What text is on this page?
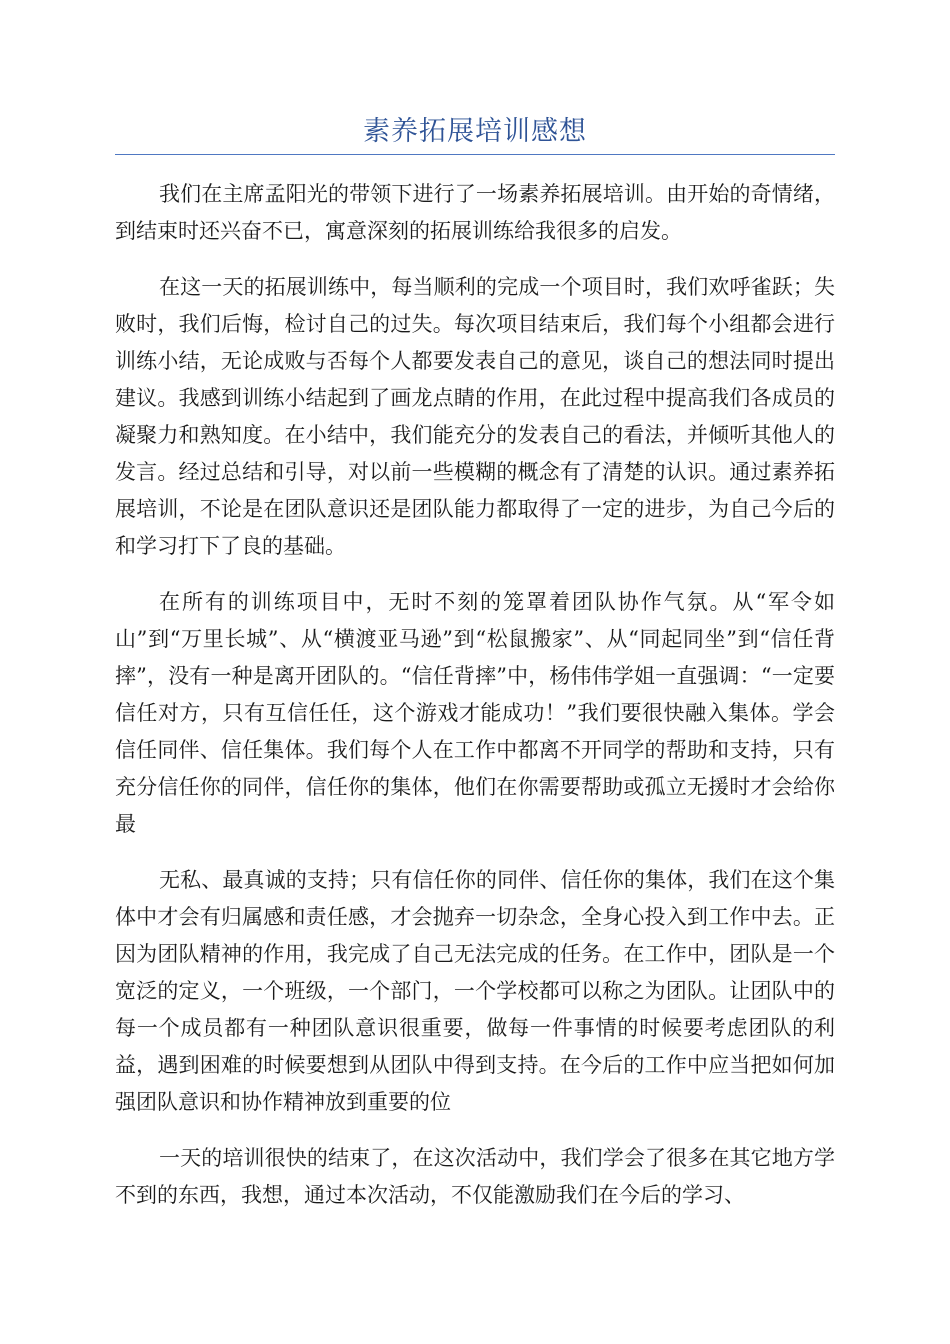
素养拓展培训感想

我们在主席孟阳光的带领下进行了一场素养拓展培训。由开始的奇情绪，到结束时还兴奋不已，寓意深刻的拓展训练给我很多的启发。

在这一天的拓展训练中，每当顺利的完成一个项目时，我们欢呼雀跃；失败时，我们后悔，检讨自己的过失。每次项目结束后，我们每个小组都会进行训练小结，无论成败与否每个人都要发表自己的意见，谈自己的想法同时提出建议。我感到训练小结起到了画龙点睛的作用，在此过程中提高我们各成员的凝聚力和熟知度。在小结中，我们能充分的发表自己的看法，并倾听其他人的发言。经过总结和引导，对以前一些模糊的概念有了清楚的认识。通过素养拓展培训，不论是在团队意识还是团队能力都取得了一定的进步，为自己今后的和学习打下了良的基础。

在所有的训练项目中，无时不刻的笼罩着团队协作气氛。从“军令如山”到“万里长城”、从“横渡亚马逊”到“松鼠搬家”、从“同起同坐”到“信任背摔”，没有一种是离开团队的。“信任背摔”中，杨伟伟学姐一直强调：“一定要信任对方，只有互信任任，这个游戏才能成功！”我们要很快融入集体。学会信任同伴、信任集体。我们每个人在工作中都离不开同学的帮助和支持，只有充分信任你的同伴，信任你的集体，他们在你需要帮助或孤立无援时才会给你最

无私、最真诚的支持；只有信任你的同伴、信任你的集体，我们在这个集体中才会有归属感和责任感，才会抛弃一切杂念，全身心投入到工作中去。正因为团队精神的作用，我完成了自己无法完成的任务。在工作中，团队是一个宽泛的定义，一个班级，一个部门，一个学校都可以称之为团队。让团队中的每一个成员都有一种团队意识很重要，做每一件事情的时候要考虑团队的利益，遇到困难的时候要想到从团队中得到支持。在今后的工作中应当把如何加强团队意识和协作精神放到重要的位

一天的培训很快的结束了，在这次活动中，我们学会了很多在其它地方学不到的东西，我想，通过本次活动，不仅能激励我们在今后的学习、
